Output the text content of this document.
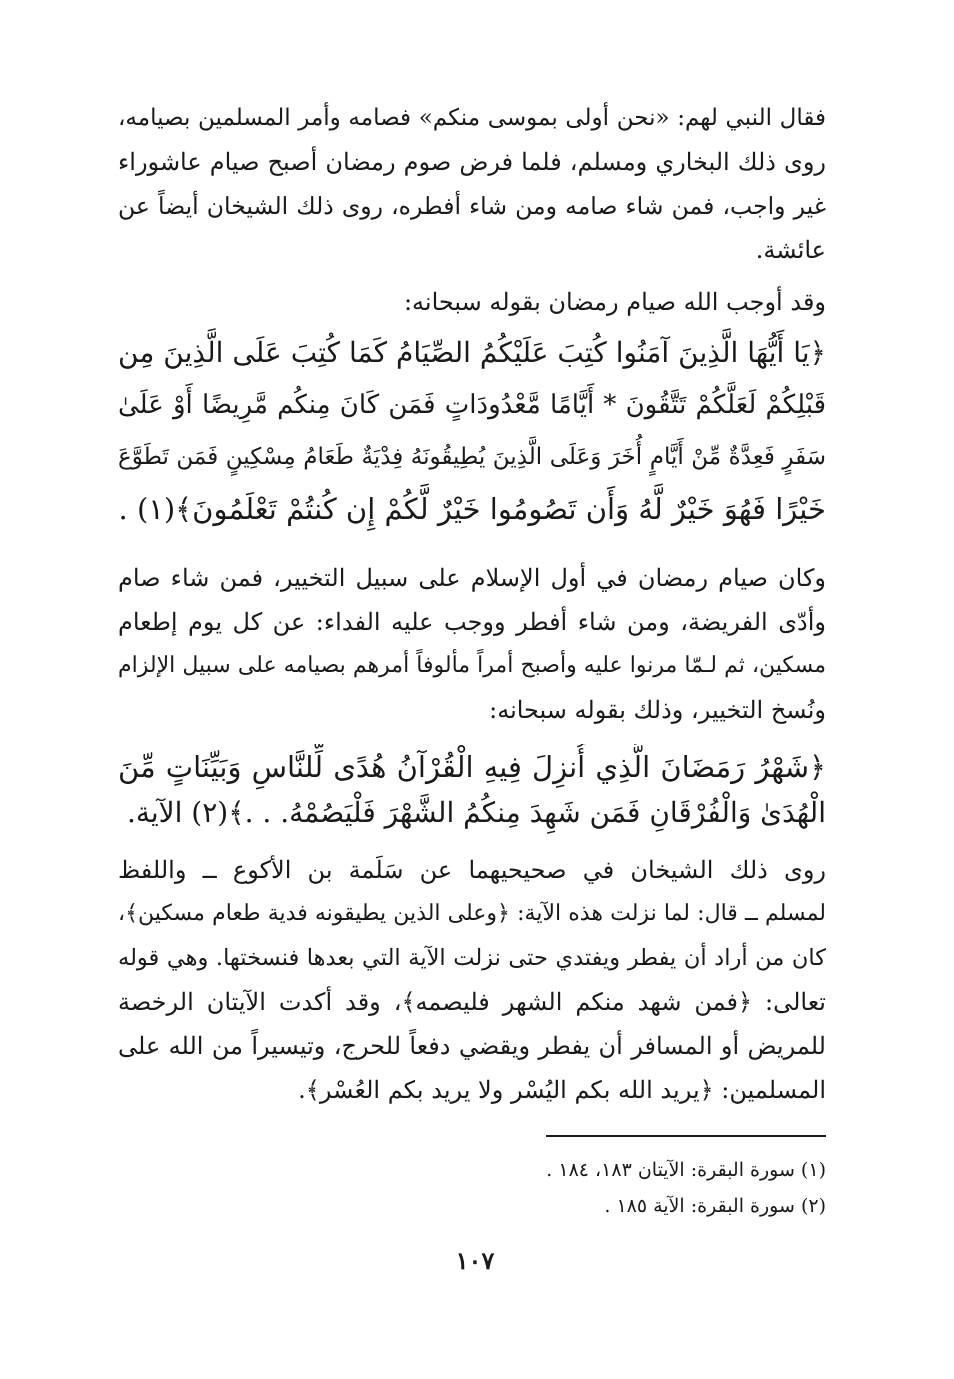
فقال النبي لهم: «نحن أولى بموسى منكم» فصامه وأمر المسلمين بصيامه،
روى ذلك البخاري ومسلم، فلما فرض صوم رمضان أصبح صيام عاشوراء
غير واجب، فمن شاء صامه ومن شاء أفطره، روى ذلك الشيخان أيضاً عن
عائشة.
وقد أوجب الله صيام رمضان بقوله سبحانه:
﴿يَا أَيُّهَا الَّذِينَ آمَنُوا كُتِبَ عَلَيْكُمُ الصِّيَامُ كَمَا كُتِبَ عَلَى الَّذِينَ مِن
قَبْلِكُمْ لَعَلَّكُمْ تَتَّقُونَ * أَيَّامًا مَّعْدُودَاتٍ فَمَن كَانَ مِنكُم مَّرِيضًا أَوْ عَلَىٰ
سَفَرٍ فَعِدَّةٌ مِّنْ أَيَّامٍ أُخَرَ وَعَلَى الَّذِينَ يُطِيقُونَهُ فِدْيَةٌ طَعَامُ مِسْكِينٍ فَمَن تَطَوَّعَ
خَيْرًا فَهُوَ خَيْرٌ لَّهُ وَأَن تَصُومُوا خَيْرٌ لَّكُمْ إِن كُنتُمْ تَعْلَمُونَ﴾(١) .
وكان صيام رمضان في أول الإسلام على سبيل التخيير، فمن شاء صام
وأدّى الفريضة، ومن شاء أفطر ووجب عليه الفداء: عن كل يوم إطعام
مسكين، ثم لـمّا مرنوا عليه وأصبح أمراً مألوفاً أمرهم بصيامه على سبيل الإلزام
ونُسخ التخيير، وذلك بقوله سبحانه:
﴿شَهْرُ رَمَضَانَ الَّذِي أُنزِلَ فِيهِ الْقُرْآنُ هُدًى لِّلنَّاسِ وَبَيِّنَاتٍ مِّنَ
الْهُدَىٰ وَالْفُرْقَانِ فَمَن شَهِدَ مِنكُمُ الشَّهْرَ فَلْيَصُمْهُ. . .﴾(٢) الآية.
روى ذلك الشيخان في صحيحيهما عن سَلَمة بن الأكوع ــ واللفظ
لمسلم ــ قال: لما نزلت هذه الآية: ﴿وعلى الذين يطيقونه فدية طعام مسكين﴾،
كان من أراد أن يفطر ويفتدي حتى نزلت الآية التي بعدها فنسختها. وهي قوله
تعالى: ﴿فمن شهد منكم الشهر فليصمه﴾، وقد أكدت الآيتان الرخصة
للمريض أو المسافر أن يفطر ويقضي دفعاً للحرج، وتيسيراً من الله على
المسلمين: ﴿يريد الله بكم اليُسْر ولا يريد بكم العُسْر﴾.
(١) سورة البقرة: الآيتان ١٨٣، ١٨٤ .
(٢) سورة البقرة: الآية ١٨٥ .
١٠٧
